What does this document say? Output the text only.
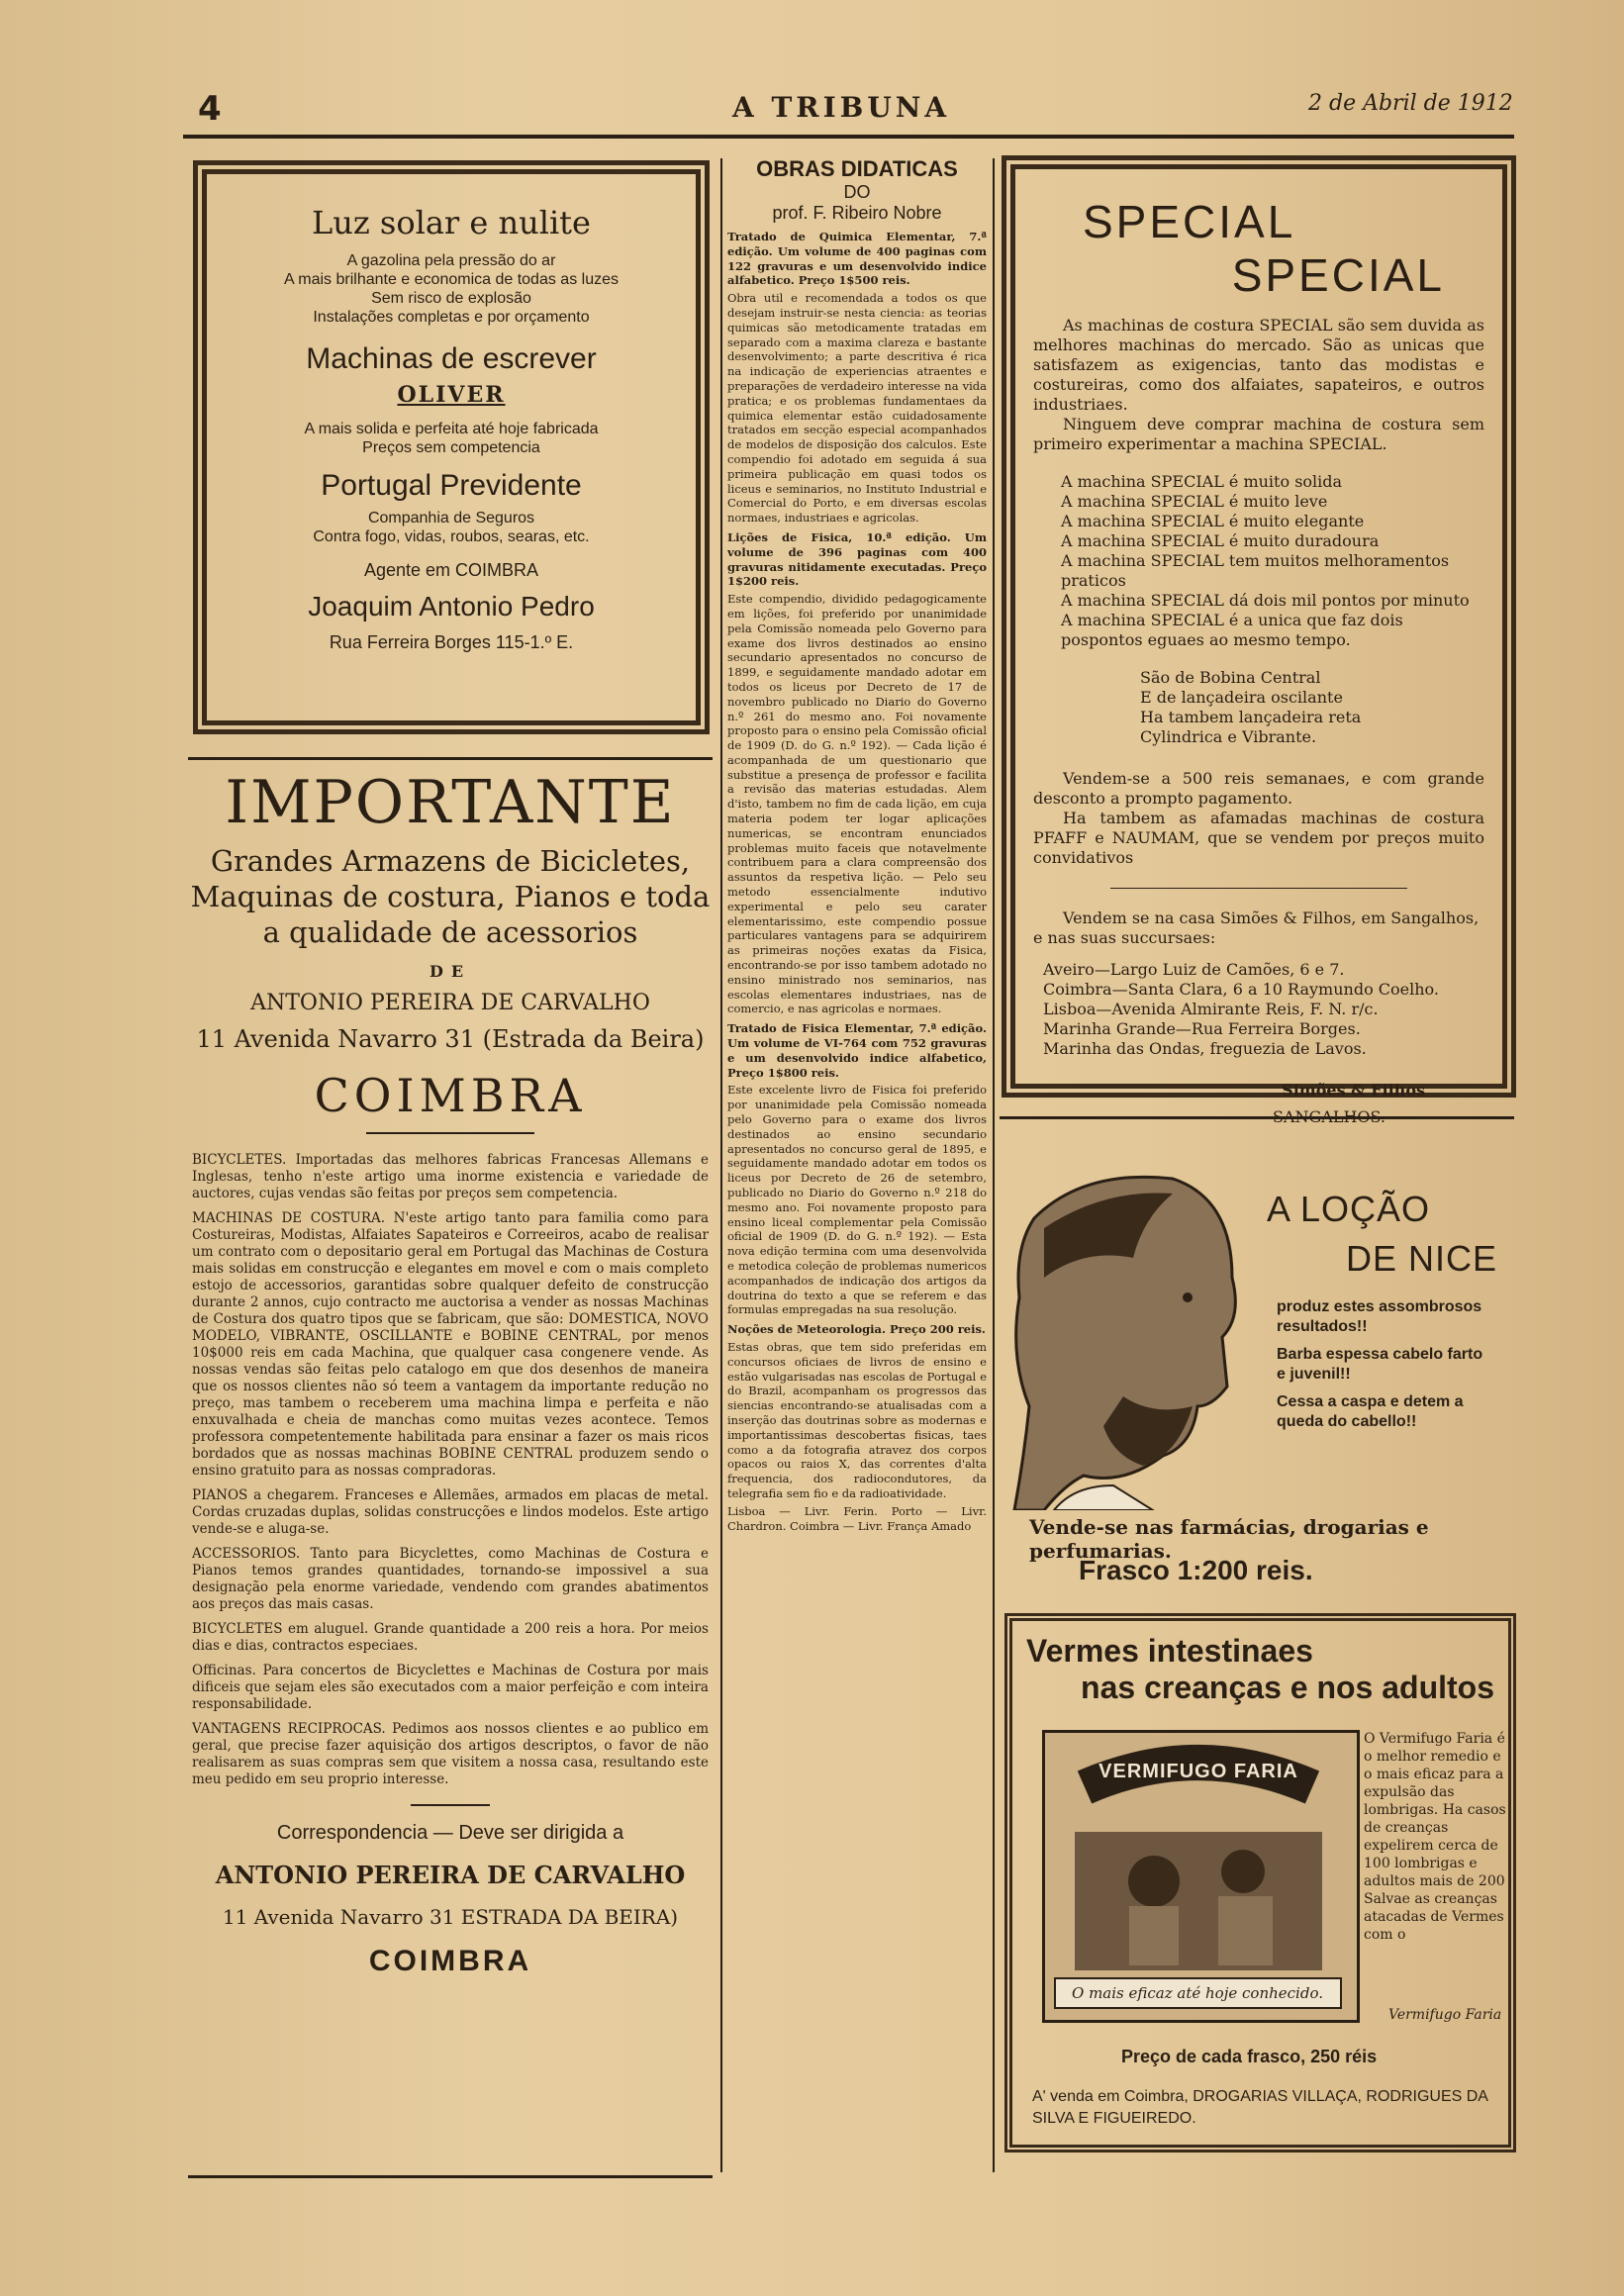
4	A TRIBUNA	2 de Abril de 1912

Luz solar e nulite

A gazolina pela pressão do ar

A mais brilhante e economica de todas as luzes

Sem risco de explosão

Instalações completas e por orçamento

Machinas de escrever

OLIVER

A mais solida e perfeita até hoje fabricada

Preços sem competencia

Portugal Previdente

Companhia de Seguros

Contra fogo, vidas, roubos, searas, etc.

Agente em COIMBRA

Joaquim Antonio Pedro

Rua Ferreira Borges 115-1.º E.

IMPORTANTE

Grandes Armazens de Bicicletes, Maquinas de costura, Pianos e toda a qualidade de acessorios

DE

ANTONIO PEREIRA DE CARVALHO

11 Avenida Navarro 31 (Estrada da Beira)

COIMBRA

BICYCLETES. Importadas das melhores fabricas Francesas Allemans e Inglesas, tenho n'este artigo uma inorme existencia e variedade de auctores, cujas vendas são feitas por preços sem competencia.

MACHINAS DE COSTURA. N'este artigo tanto para familia como para Costureiras, Modistas, Alfaiates Sapateiros e Correeiros, acabo de realisar um contrato com o depositario geral em Portugal das Machinas de Costura mais solidas em construcção e elegantes em movel e com o mais completo estojo de accessorios, garantidas sobre qualquer defeito de construcção durante 2 annos, cujo contracto me auctorisa a vender as nossas Machinas de Costura dos quatro tipos que se fabricam, que são: DOMESTICA, NOVO MODELO, VIBRANTE, OSCILLANTE e BOBINE CENTRAL, por menos 10$000 reis em cada Machina, que qualquer casa congenere vende. As nossas vendas são feitas pelo catalogo em que dos desenhos de maneira que os nossos clientes não só teem a vantagem da importante redução no preço, mas tambem o receberem uma machina limpa e perfeita e não enxuvalhada e cheia de manchas como muitas vezes acontece. Temos professora competentemente habilitada para ensinar a fazer os mais ricos bordados que as nossas machinas BOBINE CENTRAL produzem sendo o ensino gratuito para as nossas compradoras.

PIANOS a chegarem. Franceses e Allemães, armados em placas de metal. Cordas cruzadas duplas, solidas construcções e lindos modelos. Este artigo vende-se e aluga-se.

ACCESSORIOS. Tanto para Bicyclettes, como Machinas de Costura e Pianos temos grandes quantidades, tornando-se impossivel a sua designação pela enorme variedade, vendendo com grandes abatimentos aos preços das mais casas.

BICYCLETES em aluguel. Grande quantidade a 200 reis a hora. Por meios dias e dias, contractos especiaes.

Officinas. Para concertos de Bicyclettes e Machinas de Costura por mais dificeis que sejam eles são executados com a maior perfeição e com inteira responsabilidade.

VANTAGENS RECIPROCAS. Pedimos aos nossos clientes e ao publico em geral, que precise fazer aquisição dos artigos descriptos, o favor de não realisarem as suas compras sem que visitem a nossa casa, resultando este meu pedido em seu proprio interesse.

Correspondencia — Deve ser dirigida a

ANTONIO PEREIRA DE CARVALHO

11 Avenida Navarro 31 ESTRADA DA BEIRA)

COIMBRA

OBRAS DIDATICAS

DO

prof. F. Ribeiro Nobre

Tratado de Quimica Elementar, 7.ª edição. Um volume de 400 paginas com 122 gravuras e um desenvolvido indice alfabetico. Preço 1$500 reis.

Obra util e recomendada a todos os que desejam instruir-se nesta ciencia: as teorias quimicas são metodicamente tratadas em separado com a maxima clareza e bastante desenvolvimento; a parte descritiva é rica na indicação de experiencias atraentes e preparações de verdadeiro interesse na vida pratica; e os problemas fundamentaes da quimica elementar estão cuidadosamente tratados em secção especial acompanhados de modelos de disposição dos calculos. Este compendio foi adotado em seguida á sua primeira publicação em quasi todos os liceus e seminarios, no Instituto Industrial e Comercial do Porto, e em diversas escolas normaes, industriaes e agricolas.

Lições de Fisica, 10.ª edição. Um volume de 396 paginas com 400 gravuras nitidamente executadas. Preço 1$200 reis.

Este compendio, dividido pedagogicamente em lições, foi preferido por unanimidade pela Comissão nomeada pelo Governo para exame dos livros destinados ao ensino secundario apresentados no concurso de 1899, e seguidamente mandado adotar em todos os liceus por Decreto de 17 de novembro publicado no Diario do Governo n.º 261 do mesmo ano. Foi novamente proposto para o ensino pela Comissão oficial de 1909 (D. do G. n.º 192). — Cada lição é acompanhada de um questionario que substitue a presença de professor e facilita a revisão das materias estudadas. Alem d'isto, tambem no fim de cada lição, em cuja materia podem ter logar aplicações numericas, se encontram enunciados problemas muito faceis que notavelmente contribuem para a clara compreensão dos assuntos da respetiva lição. — Pelo seu metodo essencialmente indutivo experimental e pelo seu carater elementarissimo, este compendio possue particulares vantagens para se adquirirem as primeiras noções exatas da Fisica, encontrando-se por isso tambem adotado no ensino ministrado nos seminarios, nas escolas elementares industriaes, nas de comercio, e nas agricolas e normaes.

Tratado de Fisica Elementar, 7.ª edição. Um volume de VI-764 com 752 gravuras e um desenvolvido indice alfabetico, Preço 1$800 reis.

Este excelente livro de Fisica foi preferido por unanimidade pela Comissão nomeada pelo Governo para o exame dos livros destinados ao ensino secundario apresentados no concurso geral de 1895, e seguidamente mandado adotar em todos os liceus por Decreto de 26 de setembro, publicado no Diario do Governo n.º 218 do mesmo ano. Foi novamente proposto para ensino liceal complementar pela Comissão oficial de 1909 (D. do G. n.º 192). — Esta nova edição termina com uma desenvolvida e metodica coleção de problemas numericos acompanhados de indicação dos artigos da doutrina do texto a que se referem e das formulas empregadas na sua resolução.

Noções de Meteorologia. Preço 200 reis.

Estas obras, que tem sido preferidas em concursos oficiaes de livros de ensino e estão vulgarisadas nas escolas de Portugal e do Brazil, acompanham os progressos das siencias encontrando-se atualisadas com a inserção das doutrinas sobre as modernas e importantissimas descobertas fisicas, taes como a da fotografia atravez dos corpos opacos ou raios X, das correntes d'alta frequencia, dos radiocondutores, da telegrafia sem fio e da radioatividade.

Lisboa — Livr. Ferin. Porto — Livr. Chardron. Coimbra — Livr. França Amado

SPECIAL

SPECIAL

As machinas de costura SPECIAL são sem duvida as melhores machinas do mercado. São as unicas que satisfazem as exigencias, tanto das modistas e costureiras, como dos alfaiates, sapateiros, e outros industriaes.

Ninguem deve comprar machina de costura sem primeiro experimentar a machina SPECIAL.

A machina SPECIAL é muito solida

A machina SPECIAL é muito leve

A machina SPECIAL é muito elegante

A machina SPECIAL é muito duradoura

A machina SPECIAL tem muitos melhoramentos praticos

A machina SPECIAL dá dois mil pontos por minuto

A machina SPECIAL é a unica que faz dois pospontos eguaes ao mesmo tempo.

São de Bobina Central

E de lançadeira oscilante

Ha tambem lançadeira reta

Cylindrica e Vibrante.

Vendem-se a 500 reis semanaes, e com grande desconto a prompto pagamento.

Ha tambem as afamadas machinas de costura PFAFF e NAUMAM, que se vendem por preços muito convidativos

Vendem se na casa Simões & Filhos, em Sangalhos, e nas suas succursaes:

Aveiro—Largo Luiz de Camões, 6 e 7.

Coimbra—Santa Clara, 6 a 10 Raymundo Coelho.

Lisboa—Avenida Almirante Reis, F. N. r/c.

Marinha Grande—Rua Ferreira Borges.

Marinha das Ondas, freguezia de Lavos.

Simões & Filhos

SANGALHOS.

A LOÇÃO

DE NICE

produz estes assombrosos resultados!!

Barba espessa cabelo farto e juvenil!!

Cessa a caspa e detem a queda do cabello!!

Vende-se nas farmácias, drogarias e perfumarias.

Frasco 1:200 reis.

Vermes intestinaes

nas creanças e nos adultos

VERMIFUGO FARIA

O mais eficaz até hoje conhecido.

O Vermifugo Faria é o melhor remedio e o mais eficaz para a expulsão das lombrigas. Ha casos de creanças expelirem cerca de 100 lombrigas e adultos mais de 200 Salvae as creanças atacadas de Vermes com o

Vermifugo Faria

Preço de cada frasco, 250 réis

A' venda em Coimbra, DROGARIAS VILLAÇA, RODRIGUES DA SILVA E FIGUEIREDO.
